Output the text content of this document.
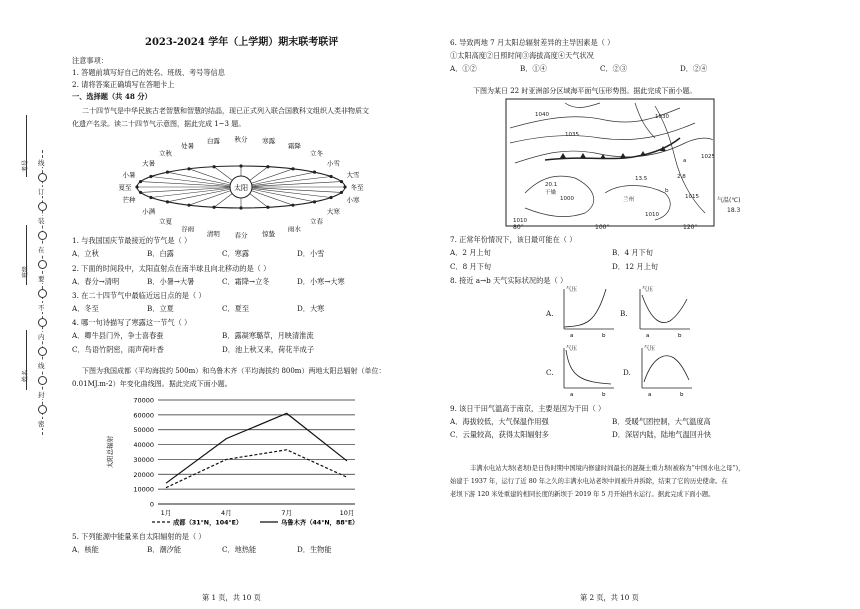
线
订
装
在
要
不
内
线
封
密
考号
班级
姓名
2023-2024 学年（上学期）期末联考联评
注意事项：
1. 答题前填写好自己的姓名、班级、考号等信息
2. 请将答案正确填写在答题卡上
一、选择题（共 48 分）
二十四节气是中华民族古老智慧和智慧的结晶，现已正式列入联合国教科文组织人类非物质文
化遗产名录。读二十四节气示意图，据此完成 1~3 题。
立春
雨水
惊蛰
春分
清明
谷雨
立夏
小满
芒种
夏至
小暑
大暑
立秋
处暑
白露 秋分 寒露
霜降
立冬
小雪
大雪
冬至
小寒
大寒
太阳
1. 与我国国庆节最接近的节气是（ ）
A．立秋	B．白露	C．寒露	D．小雪
2. 下面的时间段中，太阳直射点在南半球且向北移动的是（ ）
A．春分→清明	B．小暑→大暑	C．霜降→立冬	D．小寒→大寒
3. 在二十四节气中最临近远日点的是（ ）
A．冬至	B．立夏	C．夏至	D．大寒
4. 哪一句诗描写了寒露这一节气（ ）
A．卿牛县门外，争士喜春蚕	B．露凝寒璐草，月映清淮流
C．鸟语竹阴密，雨声荷叶香	D．池上秋又来，荷花半成子
下图为我国成都（平均海拔约 500m）和乌鲁木齐（平均海拔约 800m）两地太阳总辐射（单位：
0.01MJ.m-2）年变化曲线图。据此完成下面小题。
0
10000
20000
30000
40000
50000
60000
70000
1月	4月	7月	10月
太阳总辐射
成都（31°N，104°E）	乌鲁木齐（44°N，88°E）
5. 下列能源中能量来自太阳辐射的是（ ）
A．核能	B．潮汐能	C．地热能	D．生物能
第 1 页，共 10 页
6. 导致两地 7 月太阳总辐射差异的主导因素是（ ）
①太阳高度②日照时间③海拔高度④天气状况
A．①②	B．①④	C．②③	D．②④
下图为某日 22 时亚洲部分区域海平面气压形势图。据此完成下面小题。
1040
1035
1030
1025
1015
20.1
干燥
1000
13.5	2.8
兰州
1010
a
b
1010
80°	100°	120°
气温(℃)
18.3
7. 正常年份情况下，该日最可能在（ ）
A．2 月上旬	B．4 月下旬
C．8 月下旬	D．12 月上旬
8. 接近 a→b 天气实际状况的是（ ）
A.	B.
C.	D.
气压
a	b
气压
a	b
气压
a	b
气压
a	b
9. 该日干田气温高于南京，主要是因为干田（ ）
A．海拔较低，大气保温作用强	B．受暖气团控制，大气温度高
C．云量较高，获得太阳辐射多	D．深居内陆，陆地气温回升快
丰满水电站大坝(老坝)是日伪时期中国境内修建时间最长的混凝土重力坝(被称为“中国水电之母”)，
始建于 1937 年，运行了近 80 年之久的丰满水电站老坝中间被升并拆除，结束了它的历史使命。在
老坝下游 120 米处重建的相同长度的新坝于 2019 年 5 月开始挡水运行。据此完成下面小题。
第 2 页，共 10 页
